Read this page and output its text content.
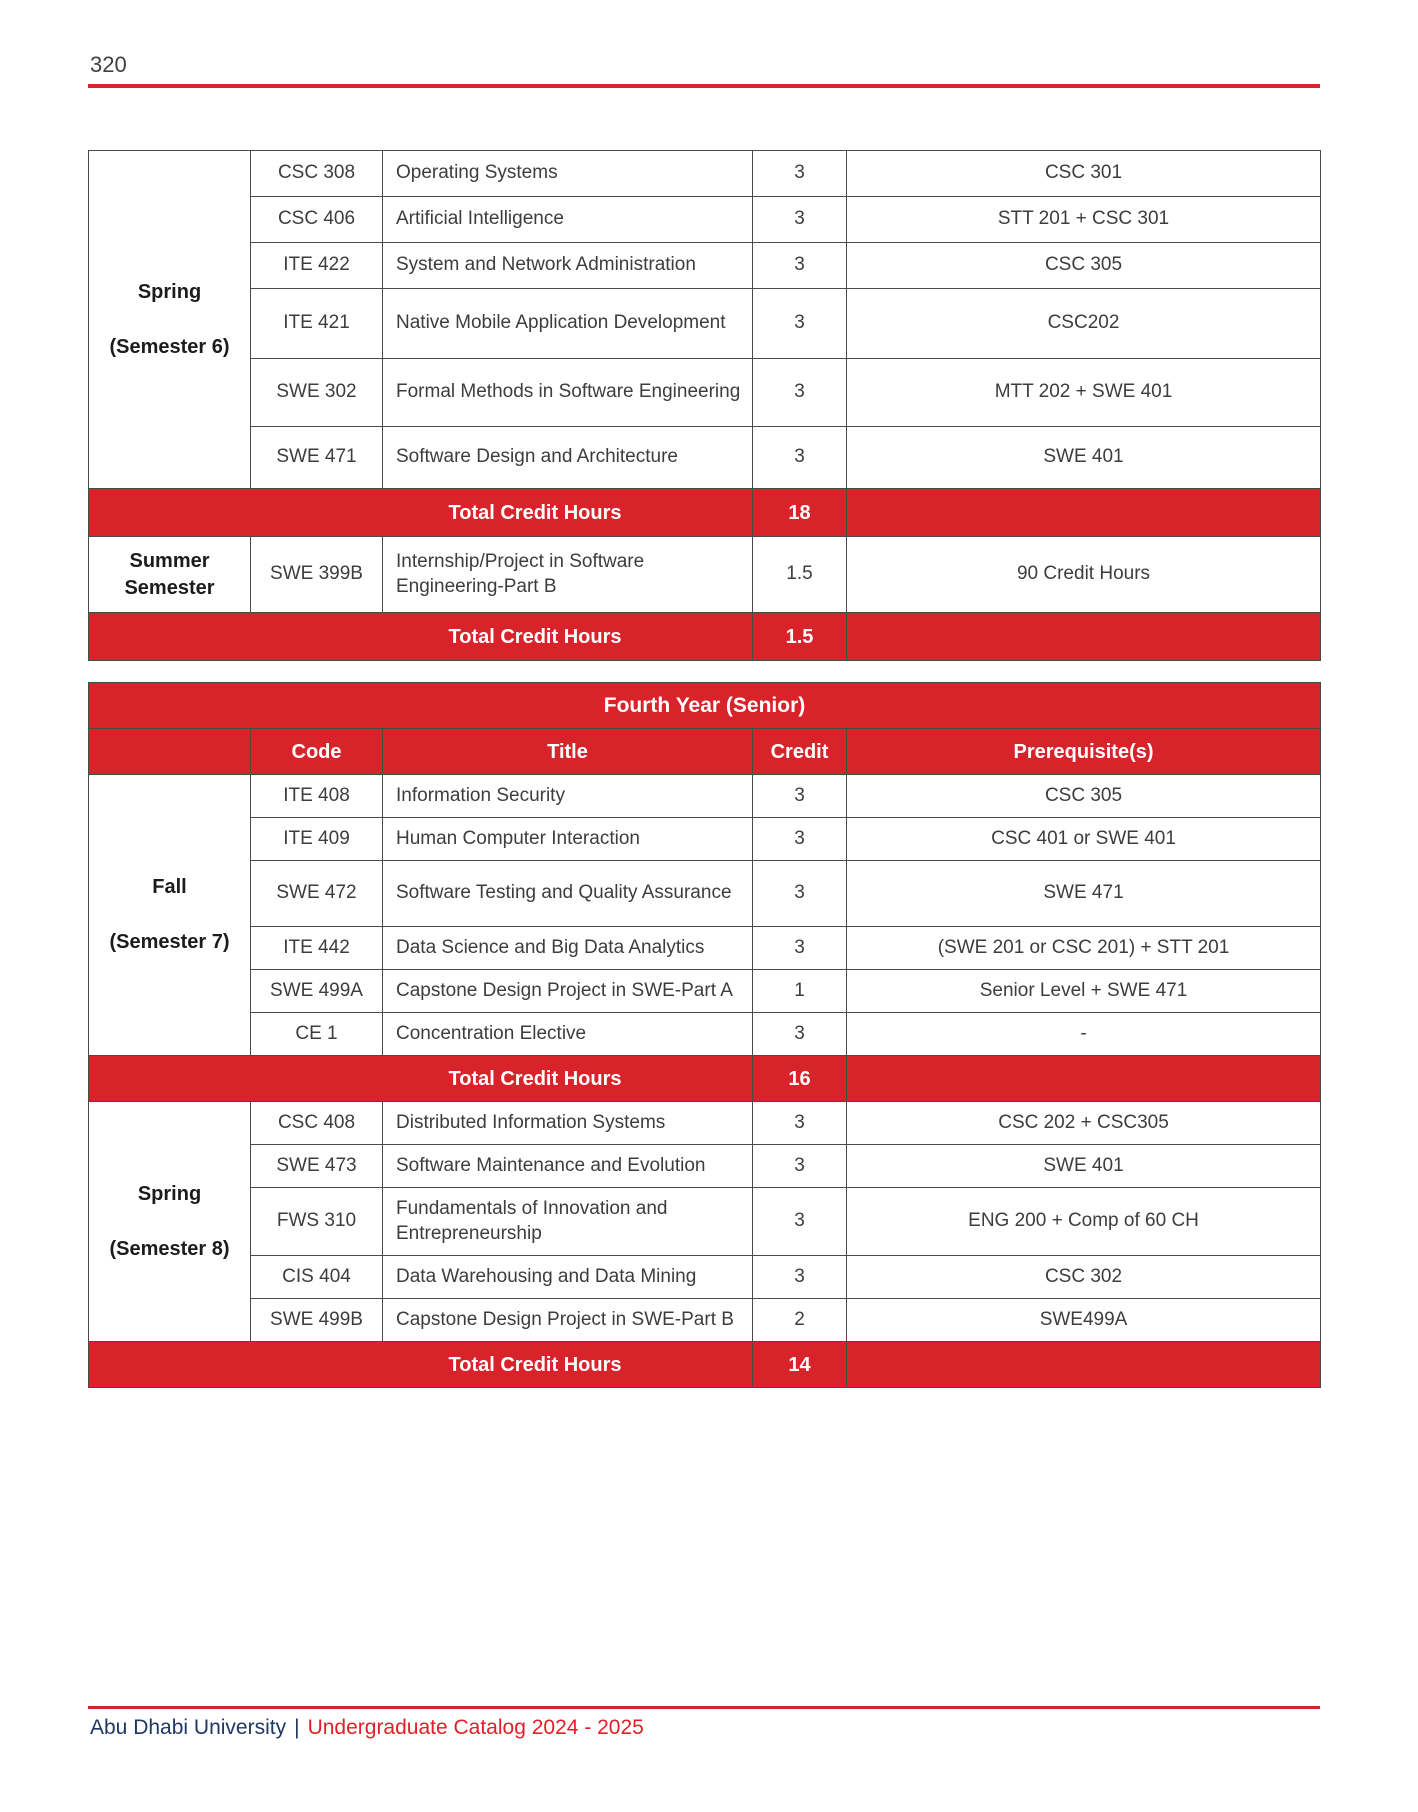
320
Spring
(Semester 6)	CSC 308	Operating Systems	3	CSC 301
	CSC 406	Artificial Intelligence	3	STT 201 + CSC 301
	ITE 422	System and Network Administration	3	CSC 305
	ITE 421	Native Mobile Application Development	3	CSC202
	SWE 302	Formal Methods in Software Engineering	3	MTT 202 + SWE 401
	SWE 471	Software Design and Architecture	3	SWE 401
Total Credit Hours			18	

Summer
Semester	SWE 399B	Internship/Project in Software Engineering-Part B	1.5	90 Credit Hours
Total Credit Hours			1.5	
Fourth Year (Senior)				
	Code	Title	Credit	Prerequisite(s)

Fall
(Semester 7)	ITE 408	Information Security	3	CSC 305
	ITE 409	Human Computer Interaction	3	CSC 401 or SWE 401
	SWE 472	Software Testing and Quality Assurance	3	SWE 471
	ITE 442	Data Science and Big Data Analytics	3	(SWE 201 or CSC 201) + STT 201
	SWE 499A	Capstone Design Project in SWE-Part A	1	Senior Level + SWE 471
	CE 1	Concentration Elective	3	-
Total Credit Hours			16	

Spring
(Semester 8)	CSC 408	Distributed Information Systems	3	CSC 202 + CSC305
	SWE 473	Software Maintenance and Evolution	3	SWE 401
	FWS 310	Fundamentals of Innovation and Entrepreneurship	3	ENG 200 + Comp of 60 CH
	CIS 404	Data Warehousing and Data Mining	3	CSC 302
	SWE 499B	Capstone Design Project in SWE-Part B	2	SWE499A
Total Credit Hours			14	
Abu Dhabi University | Undergraduate Catalog 2024 - 2025
